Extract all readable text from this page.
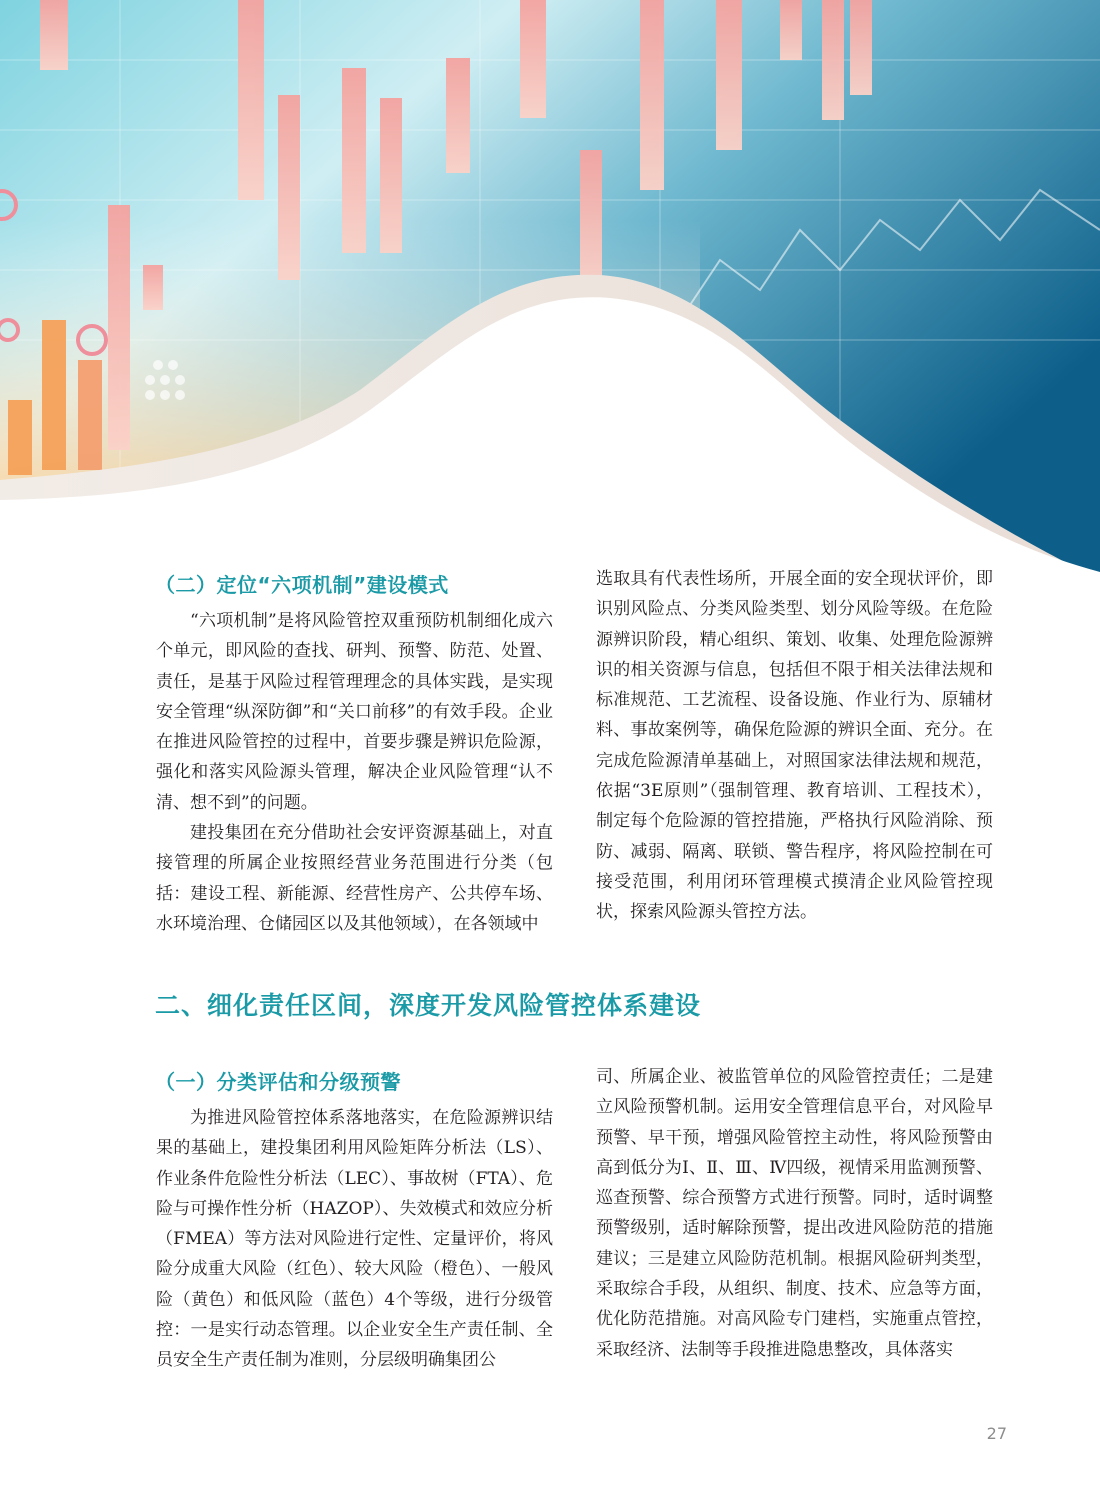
（二）定位“六项机制”建设模式

“六项机制”是将风险管控双重预防机制细化成六个单元，即风险的查找、研判、预警、防范、处置、责任，是基于风险过程管理理念的具体实践，是实现安全管理“纵深防御”和“关口前移”的有效手段。企业在推进风险管控的过程中，首要步骤是辨识危险源，强化和落实风险源头管理，解决企业风险管理“认不清、想不到”的问题。

建投集团在充分借助社会安评资源基础上，对直接管理的所属企业按照经营业务范围进行分类（包括：建设工程、新能源、经营性房产、公共停车场、水环境治理、仓储园区以及其他领域），在各领域中

选取具有代表性场所，开展全面的安全现状评价，即识别风险点、分类风险类型、划分风险等级。在危险源辨识阶段，精心组织、策划、收集、处理危险源辨识的相关资源与信息，包括但不限于相关法律法规和标准规范、工艺流程、设备设施、作业行为、原辅材料、事故案例等，确保危险源的辨识全面、充分。在完成危险源清单基础上，对照国家法律法规和规范，依据“3E原则”（强制管理、教育培训、工程技术），制定每个危险源的管控措施，严格执行风险消除、预防、减弱、隔离、联锁、警告程序，将风险控制在可接受范围，利用闭环管理模式摸清企业风险管控现状，探索风险源头管控方法。

二、细化责任区间，深度开发风险管控体系建设
（一）分类评估和分级预警

为推进风险管控体系落地落实，在危险源辨识结果的基础上，建投集团利用风险矩阵分析法（LS）、作业条件危险性分析法（LEC）、事故树（FTA）、危险与可操作性分析（HAZOP）、失效模式和效应分析（FMEA）等方法对风险进行定性、定量评价，将风险分成重大风险（红色）、较大风险（橙色）、一般风险（黄色）和低风险（蓝色）4个等级，进行分级管控：一是实行动态管理。以企业安全生产责任制、全员安全生产责任制为准则，分层级明确集团公

司、所属企业、被监管单位的风险管控责任；二是建立风险预警机制。运用安全管理信息平台，对风险早预警、早干预，增强风险管控主动性，将风险预警由高到低分为Ⅰ、Ⅱ、Ⅲ、Ⅳ四级，视情采用监测预警、巡查预警、综合预警方式进行预警。同时，适时调整预警级别，适时解除预警，提出改进风险防范的措施建议；三是建立风险防范机制。根据风险研判类型，采取综合手段，从组织、制度、技术、应急等方面，优化防范措施。对高风险专门建档，实施重点管控，采取经济、法制等手段推进隐患整改，具体落实

27
